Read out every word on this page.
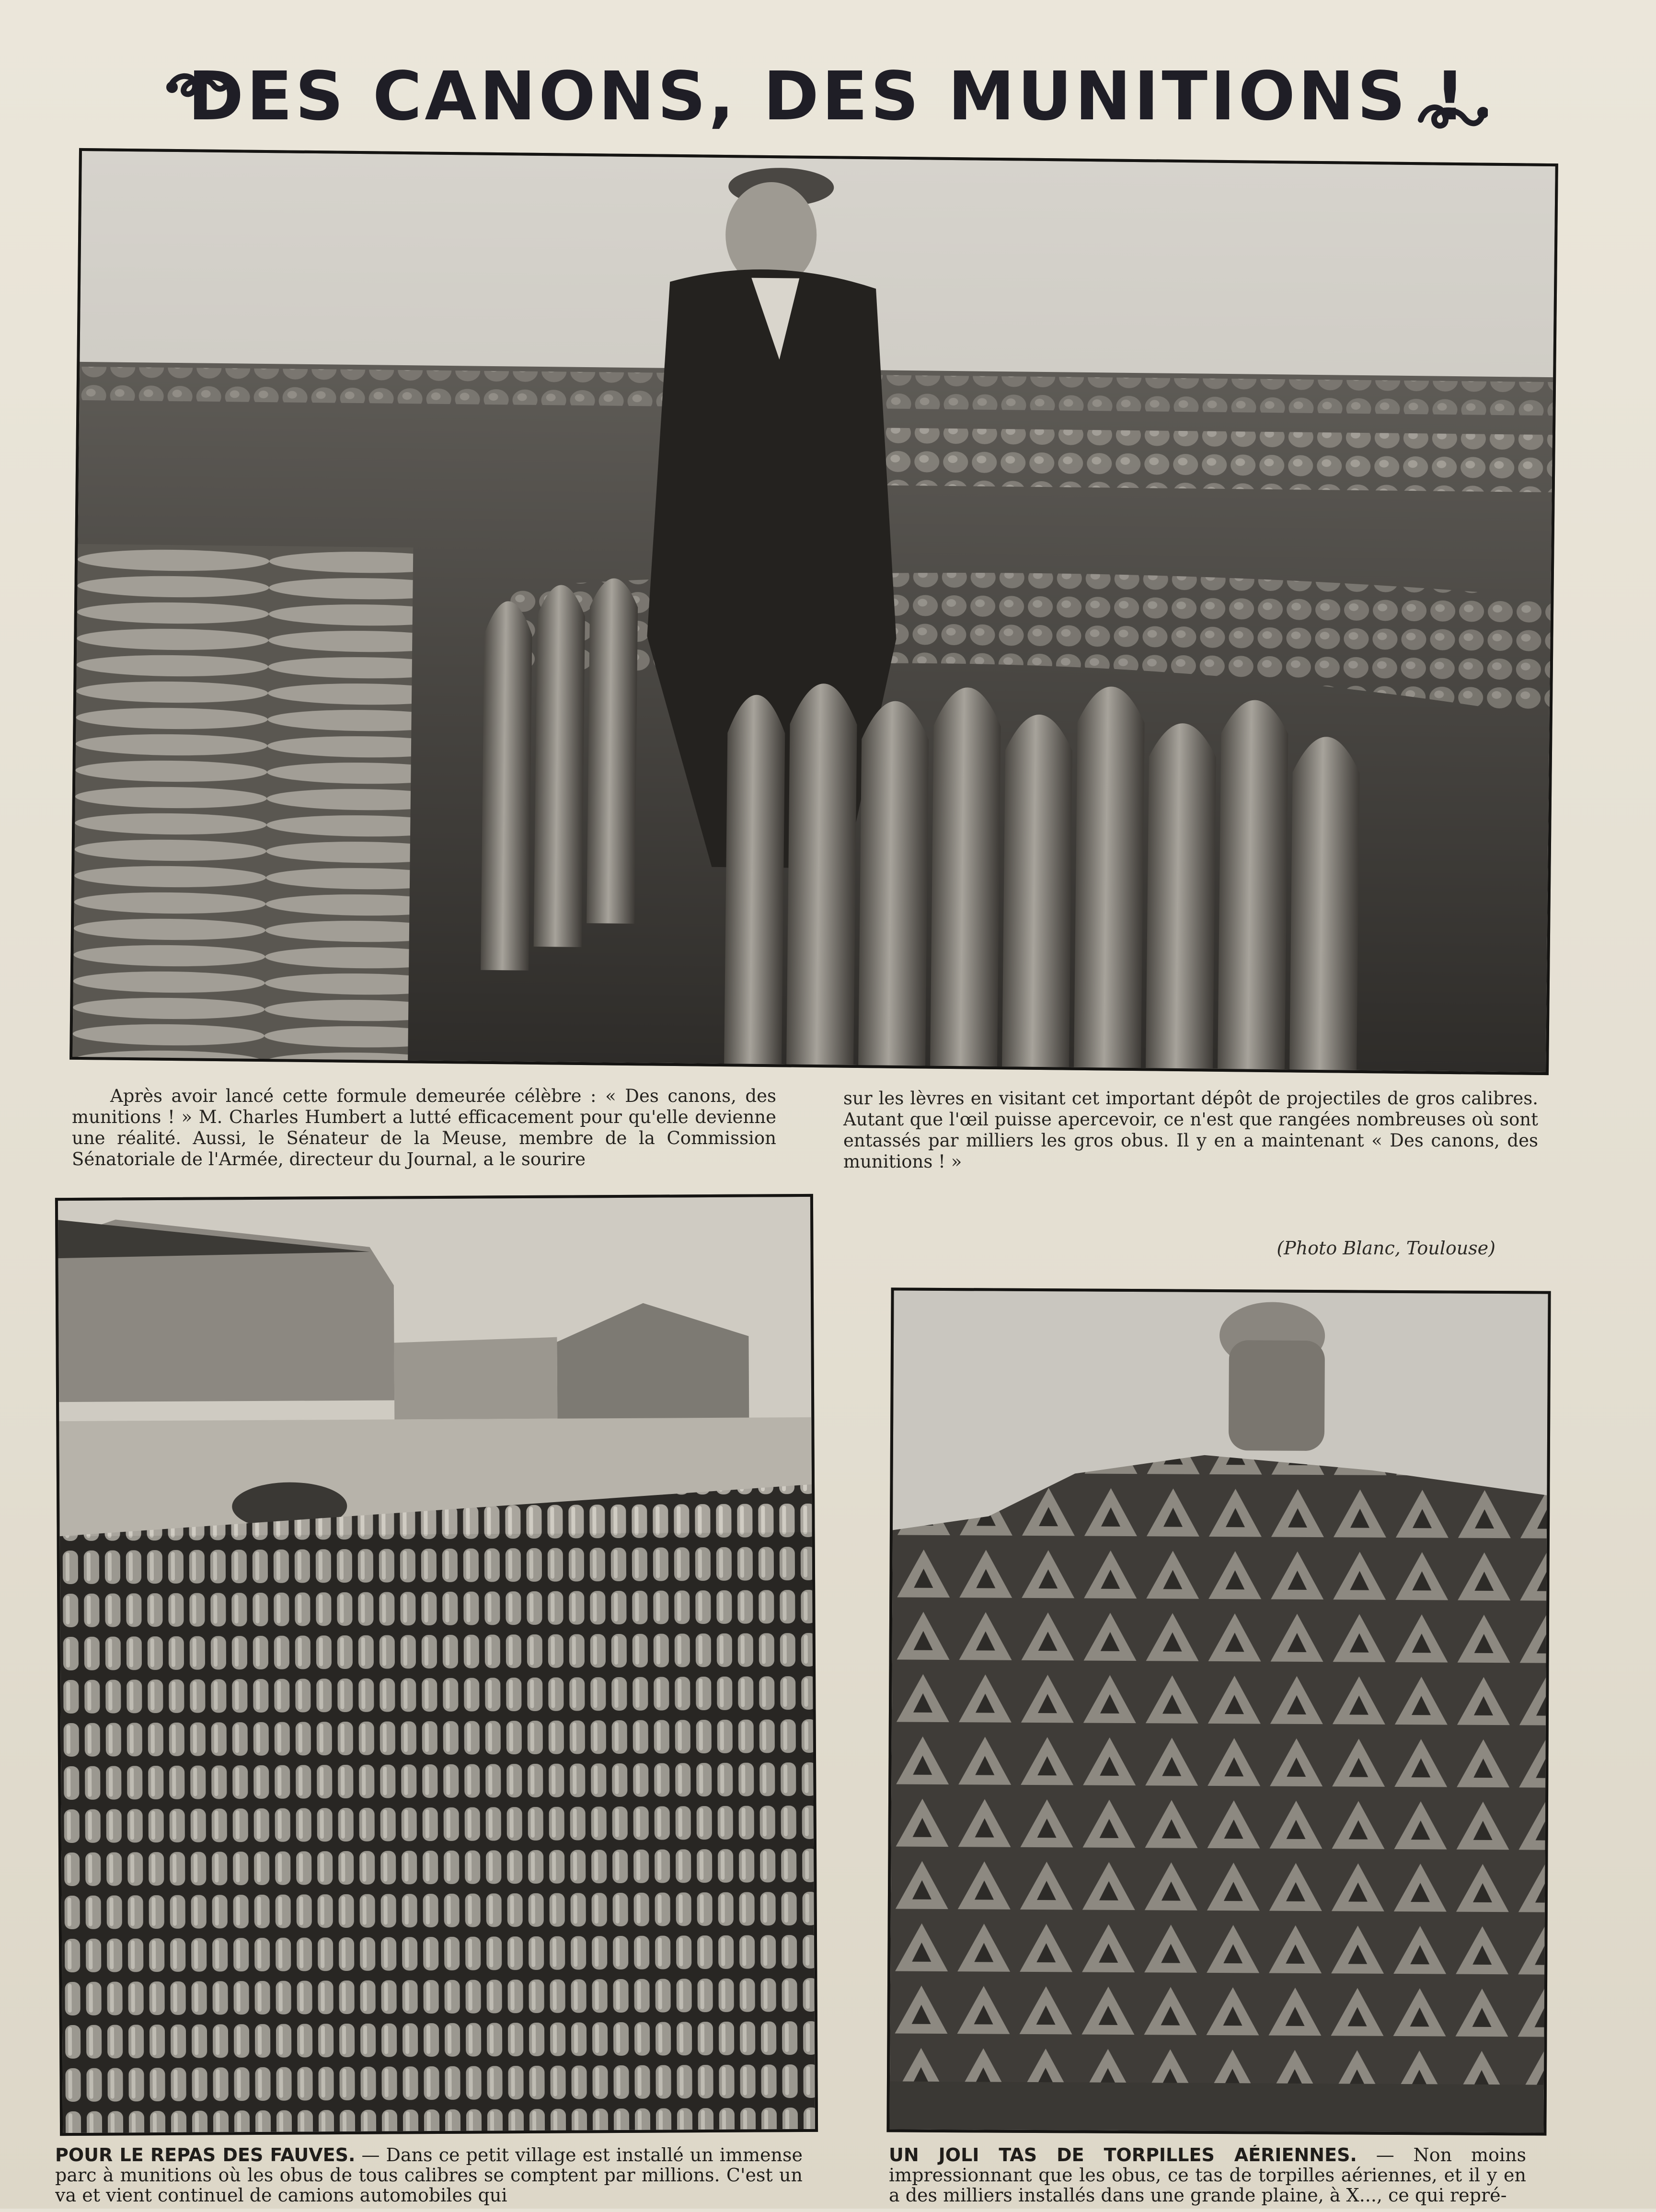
DES CANONS, DES MUNITIONS !

Après avoir lancé cette formule demeurée célèbre : « Des canons, des munitions ! » M. Charles Humbert a lutté efficacement pour qu'elle devienne une réalité. Aussi, le Sénateur de la Meuse, membre de la Commission Sénatoriale de l'Armée, directeur du Journal, a le sourire

sur les lèvres en visitant cet important dépôt de projectiles de gros calibres. Autant que l'œil puisse apercevoir, ce n'est que rangées nombreuses où sont entassés par milliers les gros obus. Il y en a maintenant « Des canons, des munitions ! »

(Photo Blanc, Toulouse)
POUR LE REPAS DES FAUVES. — Dans ce petit village est installé un immense parc à munitions où les obus de tous calibres se comptent par millions. C'est un va et vient continuel de camions automobiles qui
UN JOLI TAS DE TORPILLES AÉRIENNES. — Non moins impressionnant que les obus, ce tas de torpilles aériennes, et il y en a des milliers installés dans une grande plaine, à X..., ce qui repré-
